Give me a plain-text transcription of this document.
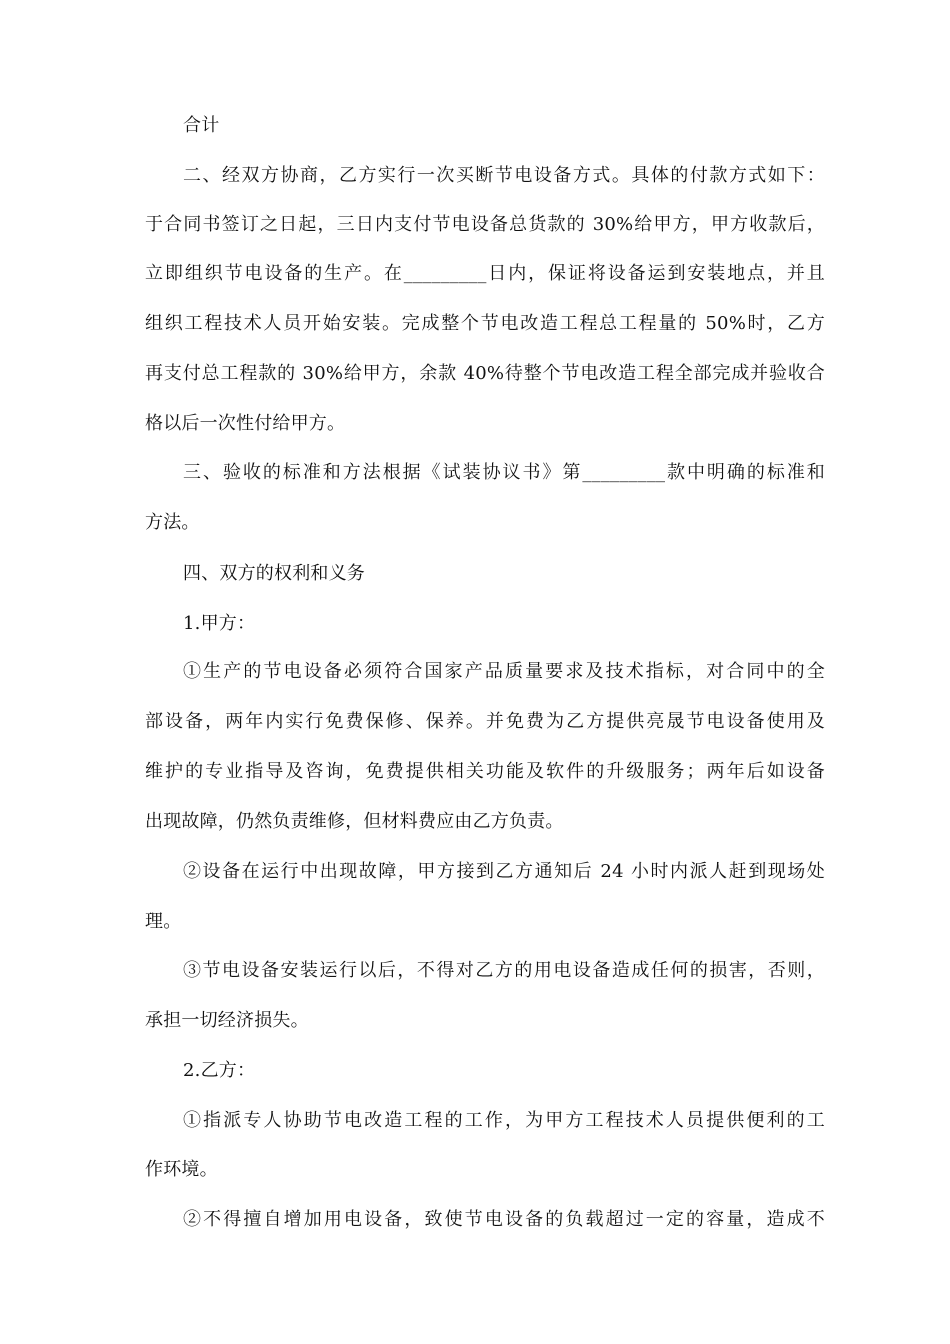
合计
二、经双方协商，乙方实行一次买断节电设备方式。具体的付款方式如下：
于合同书签订之日起，三日内支付节电设备总货款的 30%给甲方，甲方收款后，
立即组织节电设备的生产。在_________日内，保证将设备运到安装地点，并且
组织工程技术人员开始安装。完成整个节电改造工程总工程量的 50%时，乙方
再支付总工程款的 30%给甲方，余款 40%待整个节电改造工程全部完成并验收合
格以后一次性付给甲方。
三、验收的标准和方法根据《试装协议书》第_________款中明确的标准和
方法。
四、双方的权利和义务
1.甲方：
①生产的节电设备必须符合国家产品质量要求及技术指标，对合同中的全
部设备，两年内实行免费保修、保养。并免费为乙方提供亮晟节电设备使用及
维护的专业指导及咨询，免费提供相关功能及软件的升级服务；两年后如设备
出现故障，仍然负责维修，但材料费应由乙方负责。
②设备在运行中出现故障，甲方接到乙方通知后 24 小时内派人赶到现场处
理。
③节电设备安装运行以后，不得对乙方的用电设备造成任何的损害，否则，
承担一切经济损失。
2.乙方：
①指派专人协助节电改造工程的工作，为甲方工程技术人员提供便利的工
作环境。
②不得擅自增加用电设备，致使节电设备的负载超过一定的容量，造成不
